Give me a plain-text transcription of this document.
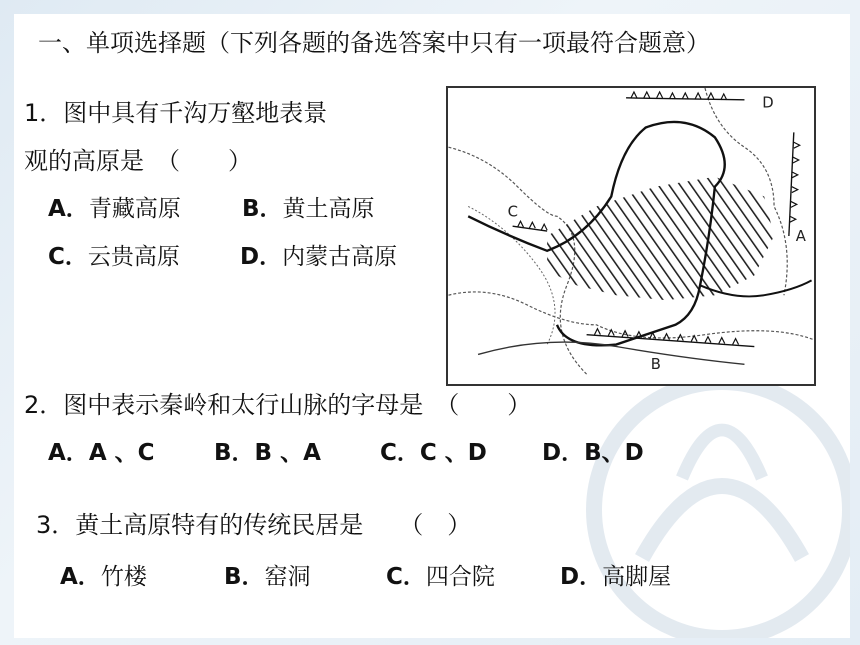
一、单项选择题（下列各题的备选答案中只有一项最符合题意）
1．图中具有千沟万壑地表景
观的高原是　（　　）
A．青藏高原	B．黄土高原
C．云贵高原	D．内蒙古高原
D
A
B
C
2．图中表示秦岭和太行山脉的字母是　（　　）
A．A 、C	B．B 、A	C．C 、D D．B、D
3．黄土高原特有的传统民居是　　（　）
A．竹楼	B．窑洞	C．四合院	D．高脚屋
